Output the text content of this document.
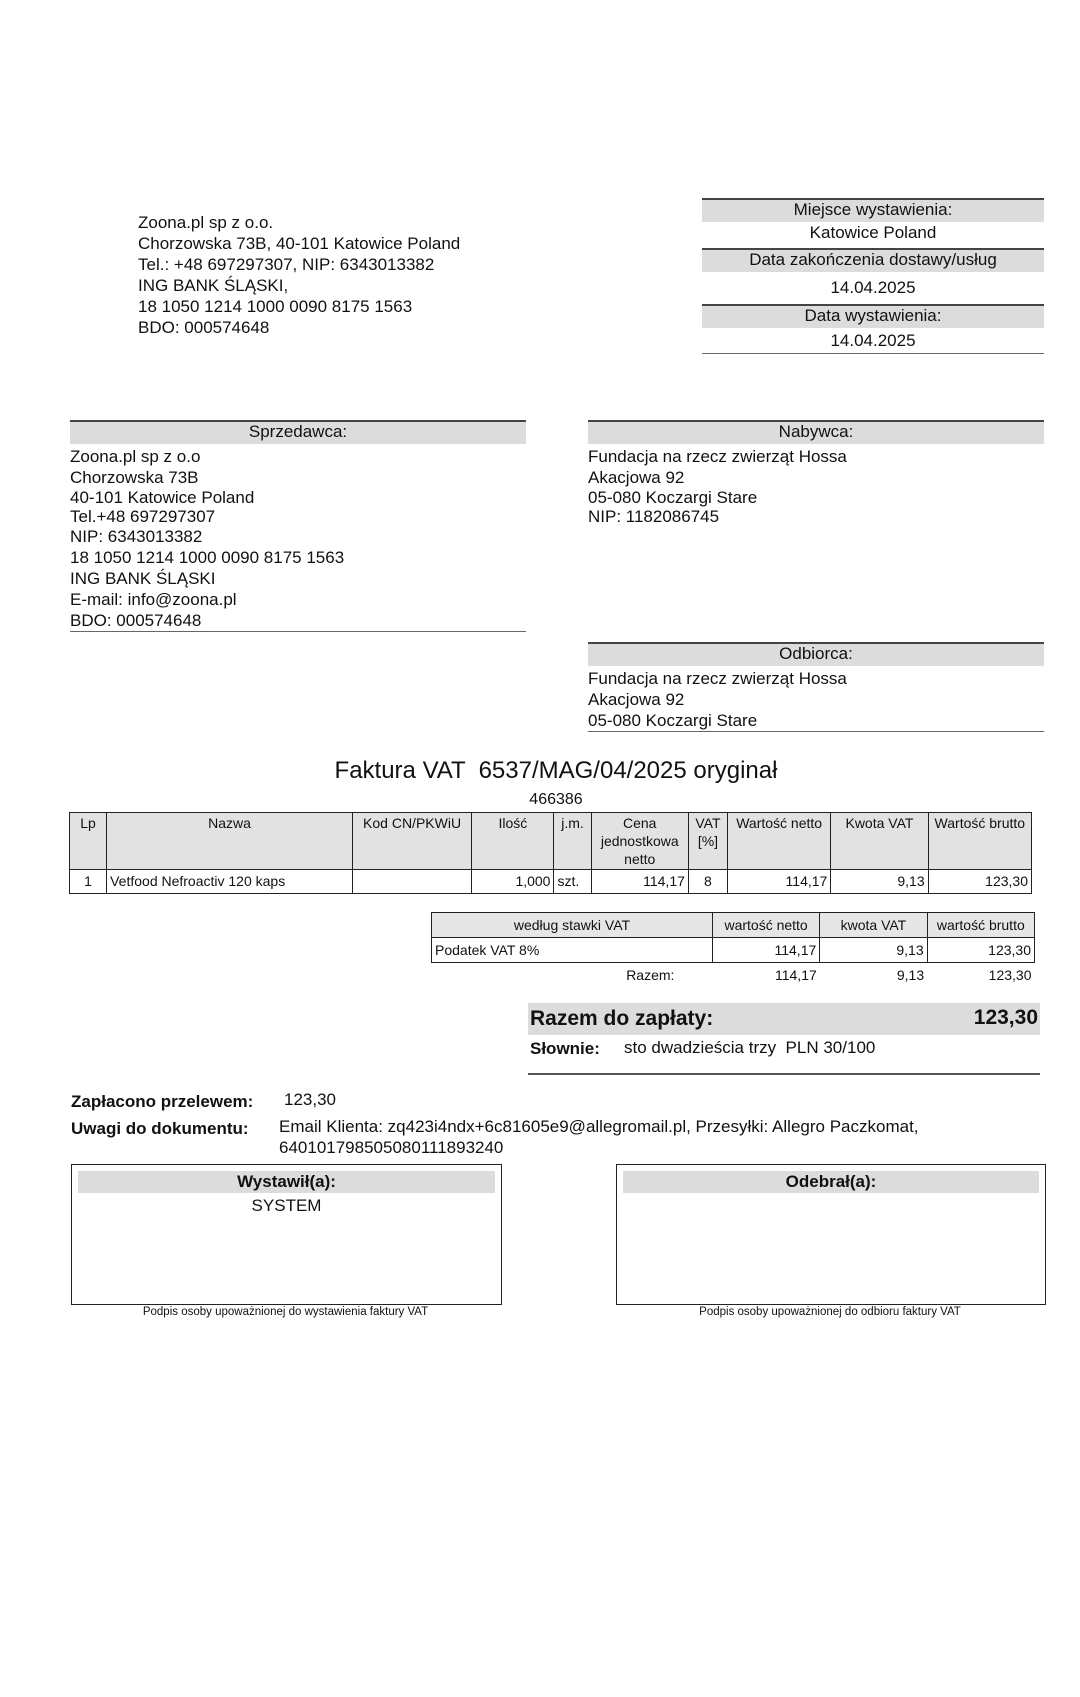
Zoona.pl sp z o.o.
Chorzowska 73B, 40-101 Katowice Poland
Tel.: +48 697297307, NIP: 6343013382
ING BANK ŚLĄSKI,
18 1050 1214 1000 0090 8175 1563
BDO: 000574648
Miejsce wystawienia:
Katowice Poland
Data zakończenia dostawy/usług
14.04.2025
Data wystawienia:
14.04.2025
Sprzedawca:
Zoona.pl sp z o.o
Chorzowska 73B
40-101 Katowice Poland
Tel.+48 697297307
NIP: 6343013382
18 1050 1214 1000 0090 8175 1563
ING BANK ŚLĄSKI
E-mail: info@zoona.pl
BDO: 000574648
Nabywca:
Fundacja na rzecz zwierząt Hossa
Akacjowa 92
05-080 Koczargi Stare
NIP: 1182086745
Odbiorca:
Fundacja na rzecz zwierząt Hossa
Akacjowa 92
05-080 Koczargi Stare
Faktura VAT  6537/MAG/04/2025 oryginał
466386
Lp	Nazwa	Kod CN/PKWiU	Ilość	j.m.	Cena jednostkowa netto	VAT [%]	Wartość netto	Kwota VAT	Wartość brutto
1	Vetfood Nefroactiv 120 kaps		1,000	szt.	114,17	8	114,17	9,13	123,30
według stawki VAT	wartość netto	kwota VAT	wartość brutto
Podatek VAT 8%	114,17	9,13	123,30
Razem:	114,17	9,13	123,30
Razem do zapłaty:	123,30
Słownie: sto dwadzieścia trzy  PLN 30/100
Zapłacono przelewem: 123,30
Uwagi do dokumentu: Email Klienta: zq423i4ndx+6c81605e9@allegromail.pl, Przesyłki: Allegro Paczkomat,
640101798505080111893240
Wystawił(a):
SYSTEM
Podpis osoby upoważnionej do wystawienia faktury VAT
Odebrał(a):
Podpis osoby upoważnionej do odbioru faktury VAT
